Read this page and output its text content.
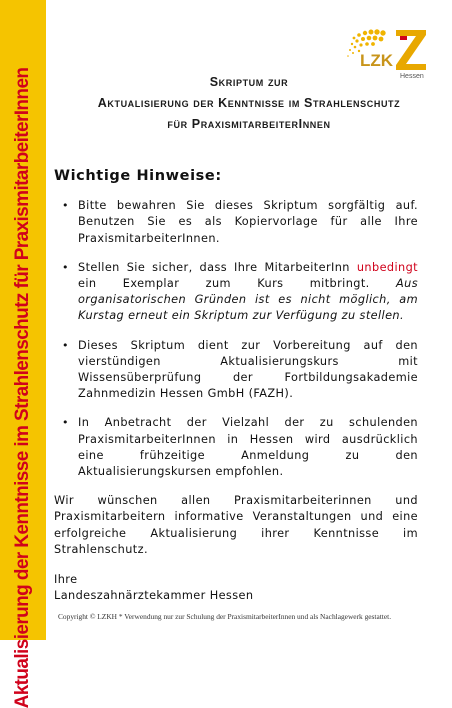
Aktualisierung der Kenntnisse im Strahlenschutz für PraxismitarbeiterInnen
LZK
Hessen
Skriptum zur
Aktualisierung der Kenntnisse im Strahlenschutz
für PraxismitarbeiterInnen
Wichtige Hinweise:
• Bitte bewahren Sie dieses Skriptum sorgfältig auf. Benutzen Sie es als Kopiervorlage für alle Ihre PraxismitarbeiterInnen.
• Stellen Sie sicher, dass Ihre MitarbeiterInn unbedingt ein Exemplar zum Kurs mitbringt. Aus organisatorischen Gründen ist es nicht möglich, am Kurstag erneut ein Skriptum zur Verfügung zu stellen.
• Dieses Skriptum dient zur Vorbereitung auf den vierstündigen Aktualisierungskurs mit Wissensüberprüfung der Fortbildungsakademie Zahnmedizin Hessen GmbH (FAZH).
• In Anbetracht der Vielzahl der zu schulenden PraxismitarbeiterInnen in Hessen wird ausdrücklich eine frühzeitige Anmeldung zu den Aktualisierungskursen empfohlen.
Wir wünschen allen Praxismitarbeiterinnen und Praxismitarbeitern informative Veranstaltungen und eine erfolgreiche Aktualisierung ihrer Kenntnisse im Strahlenschutz.
Ihre
Landeszahnärztekammer Hessen
Copyright © LZKH * Verwendung nur zur Schulung der PraxismitarbeiterInnen und als Nachlagewerk gestattet.
